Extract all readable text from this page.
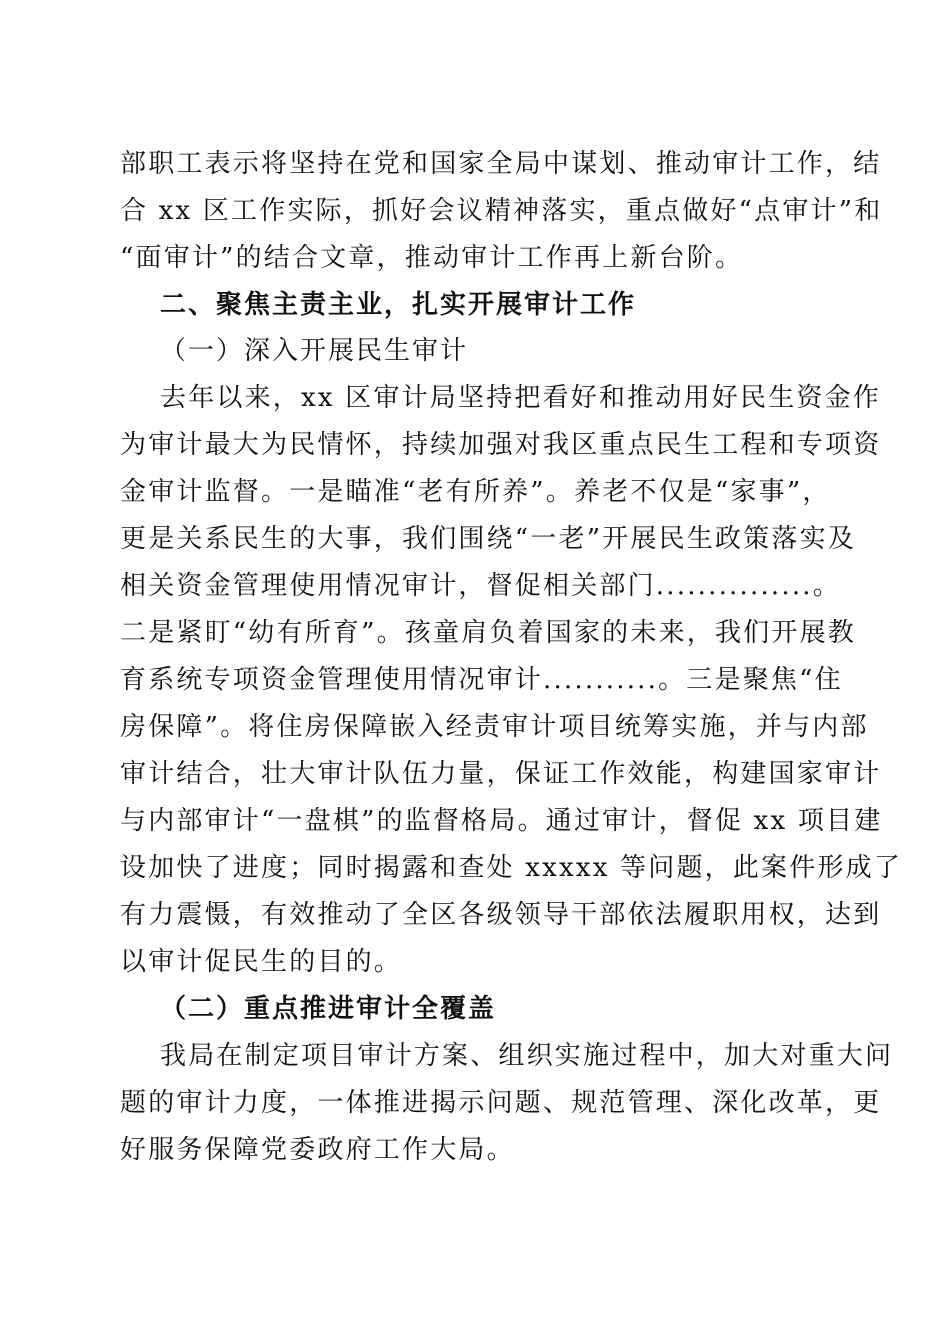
部职工表示将坚持在党和国家全局中谋划、推动审计工作，结
合 xx 区工作实际，抓好会议精神落实，重点做好“点审计”和
“面审计”的结合文章，推动审计工作再上新台阶。
二、聚焦主责主业，扎实开展审计工作
（一）深入开展民生审计
去年以来，xx 区审计局坚持把看好和推动用好民生资金作
为审计最大为民情怀，持续加强对我区重点民生工程和专项资
金审计监督。一是瞄准“老有所养”。养老不仅是“家事”，
更是关系民生的大事，我们围绕“一老”开展民生政策落实及
相关资金管理使用情况审计，督促相关部门...............。
二是紧盯“幼有所育”。孩童肩负着国家的未来，我们开展教
育系统专项资金管理使用情况审计...........。三是聚焦“住
房保障”。将住房保障嵌入经责审计项目统筹实施，并与内部
审计结合，壮大审计队伍力量，保证工作效能，构建国家审计
与内部审计“一盘棋”的监督格局。通过审计，督促 xx 项目建
设加快了进度；同时揭露和查处 xxxxx 等问题，此案件形成了
有力震慑，有效推动了全区各级领导干部依法履职用权，达到
以审计促民生的目的。
（二）重点推进审计全覆盖
我局在制定项目审计方案、组织实施过程中，加大对重大问
题的审计力度，一体推进揭示问题、规范管理、深化改革，更
好服务保障党委政府工作大局。
